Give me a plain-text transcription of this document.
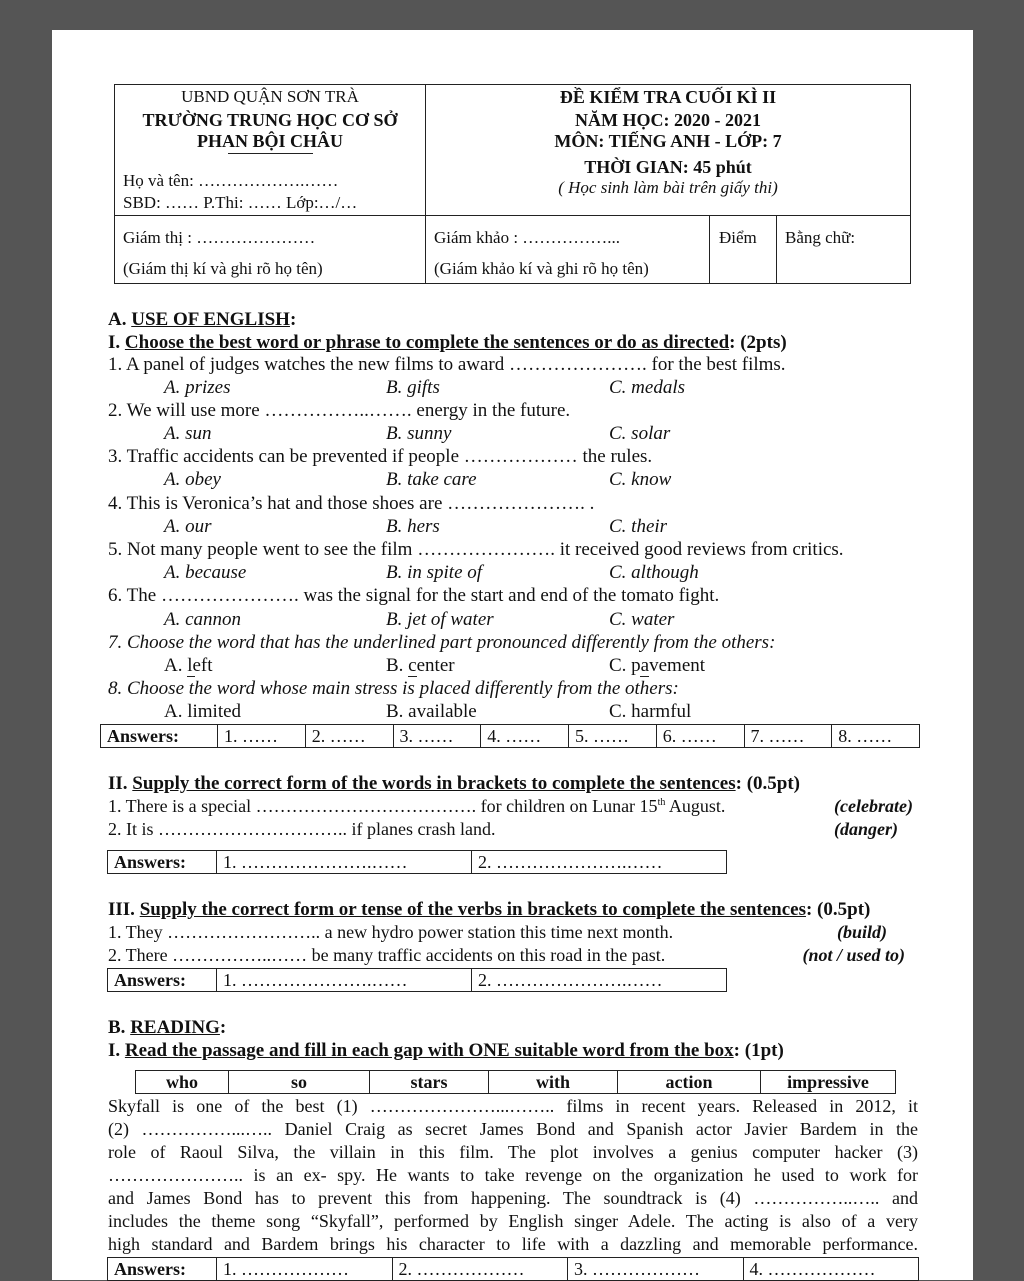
UBND QUẬN SƠN TRÀ
TRƯỜNG TRUNG HỌC CƠ SỞ
PHAN BỘI CHÂU
Họ và tên: ……………….……
SBD: …… P.Thi: …… Lớp:…/…
ĐỀ KIỂM TRA CUỐI KÌ II
NĂM HỌC: 2020 - 2021
MÔN: TIẾNG ANH - LỚP: 7
THỜI GIAN: 45 phút
( Học sinh làm bài trên giấy thi)
Giám thị : …………………
(Giám thị kí và ghi rõ họ tên)
Giám khảo : ……………...
(Giám khảo kí và ghi rõ họ tên)
Điểm Bằng chữ:
A. USE OF ENGLISH:
I. Choose the best word or phrase to complete the sentences or do as directed: (2pts)
1. A panel of judges watches the new films to award …………………. for the best films.
A. prizes	B. gifts	C. medals
2. We will use more ……………..……. energy in the future.
A. sun	B. sunny	C. solar
3. Traffic accidents can be prevented if people ……………… the rules.
A. obey	B. take care	C. know
4. This is Veronica’s hat and those shoes are …………………. .
A. our	B. hers	C. their
5. Not many people went to see the film …………………. it received good reviews from critics.
A. because	B. in spite of	C. although
6. The …………………. was the signal for the start and end of the tomato fight.
A. cannon	B. jet of water	C. water
7. Choose the word that has the underlined part pronounced differently from the others:
A. left	B. center	C. pavement
8. Choose the word whose main stress is placed differently from the others:
A. limited	B. available	C. harmful
Answers:	1. ……	2. ……	3. ……	4. ……	5. ……	6. ……	7. ……	8. ……
II. Supply the correct form of the words in brackets to complete the sentences: (0.5pt)
1. There is a special ………………………………. for children on Lunar 15th August.	(celebrate)
2. It is ………………………….. if planes crash land.	(danger)
Answers:	1. ………………….……	2. ………………….……
III. Supply the correct form or tense of the verbs in brackets to complete the sentences: (0.5pt)
1. They …………………….. a new hydro power station this time next month.	(build)
2. There ……………..…… be many traffic accidents on this road in the past.	(not / used to)
Answers:	1. ………………….……	2. ………………….……
B. READING:
I. Read the passage and fill in each gap with ONE suitable word from the box: (1pt)
who	so	stars	with	action	impressive
Skyfall is one of the best (1) …………………...…….. films in recent years. Released in 2012, it
(2) ……………...….. Daniel Craig as secret James Bond and Spanish actor Javier Bardem in the
role of Raoul Silva, the villain in this film. The plot involves a genius computer hacker (3)
………………….. is an ex- spy. He wants to take revenge on the organization he used to work for
and James Bond has to prevent this from happening. The soundtrack is (4) ……………..….. and
includes the theme song “Skyfall”, performed by English singer Adele. The acting is also of a very
high standard and Bardem brings his character to life with a dazzling and memorable performance.
Answers:	1. ………………	2. ………………	3. ………………	4. ………………
